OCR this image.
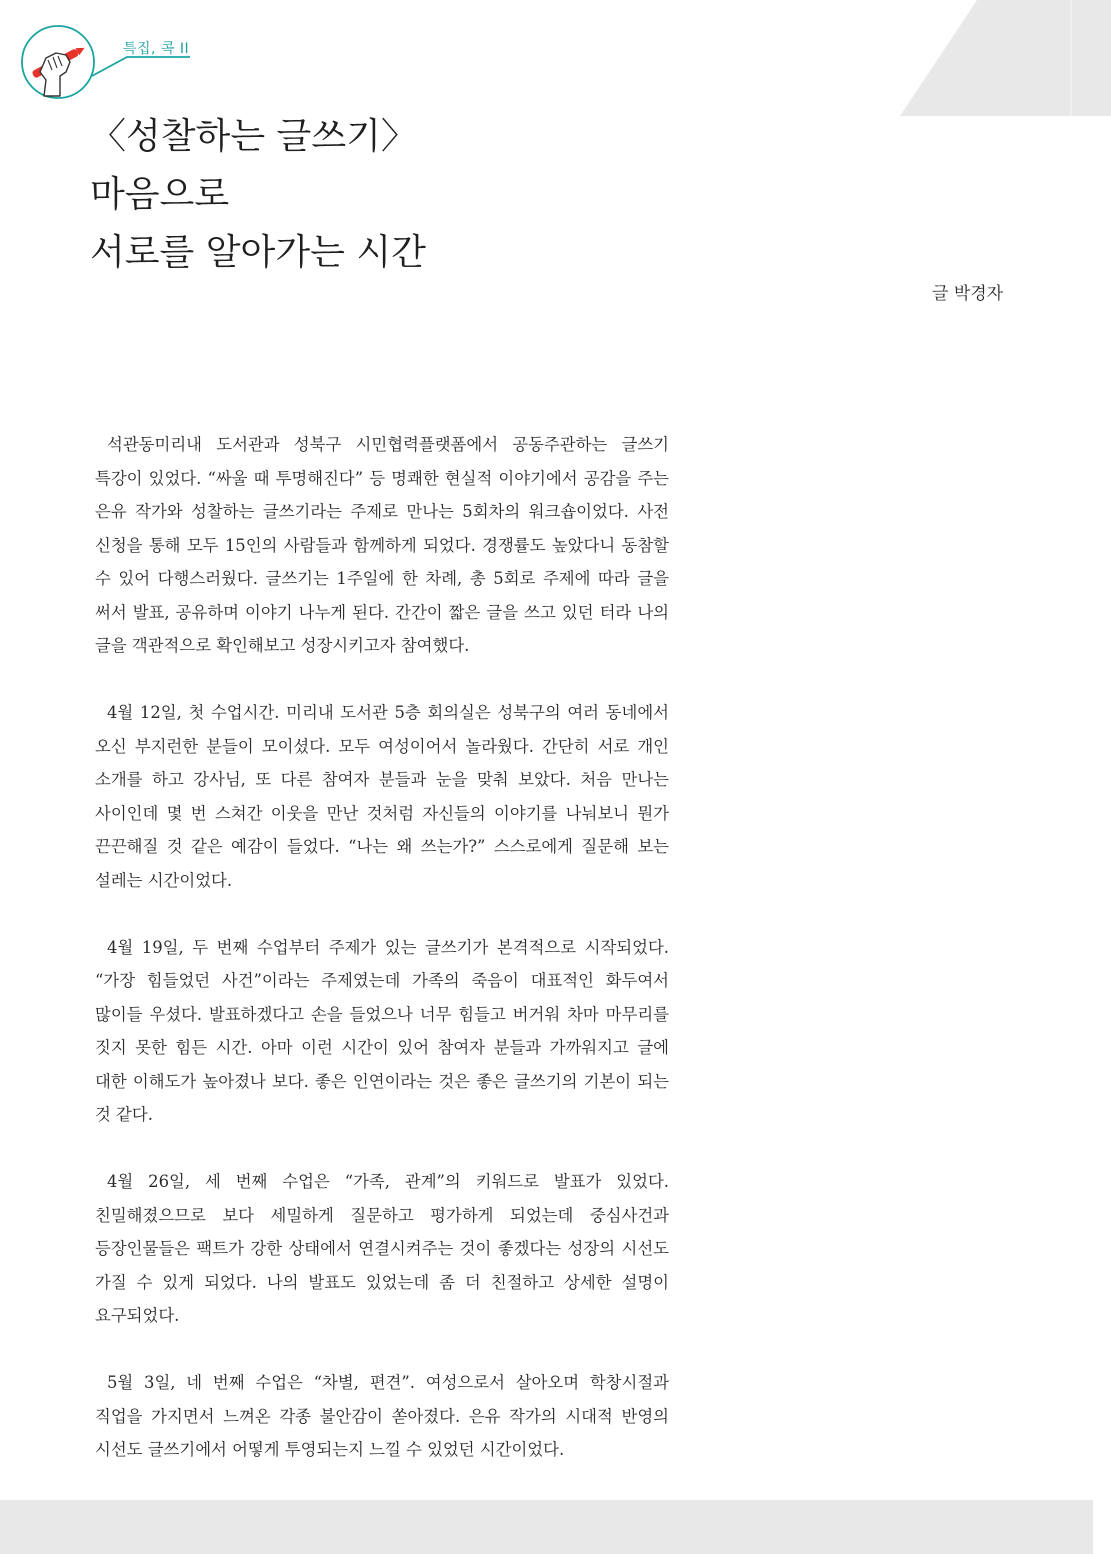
특집, 콕 II
〈성찰하는 글쓰기〉
마음으로
서로를 알아가는 시간
글 박경자

석관동미리내 도서관과 성북구 시민협력플랫폼에서 공동주관하는 글쓰기 특강이 있었다. “싸울 때 투명해진다” 등 명쾌한 현실적 이야기에서 공감을 주는 은유 작가와 성찰하는 글쓰기라는 주제로 만나는 5회차의 워크숍이었다. 사전 신청을 통해 모두 15인의 사람들과 함께하게 되었다. 경쟁률도 높았다니 동참할 수 있어 다행스러웠다. 글쓰기는 1주일에 한 차례, 총 5회로 주제에 따라 글을 써서 발표, 공유하며 이야기 나누게 된다. 간간이 짧은 글을 쓰고 있던 터라 나의 글을 객관적으로 확인해보고 성장시키고자 참여했다.

4월 12일, 첫 수업시간. 미리내 도서관 5층 회의실은 성북구의 여러 동네에서 오신 부지런한 분들이 모이셨다. 모두 여성이어서 놀라웠다. 간단히 서로 개인 소개를 하고 강사님, 또 다른 참여자 분들과 눈을 맞춰 보았다. 처음 만나는 사이인데 몇 번 스쳐간 이웃을 만난 것처럼 자신들의 이야기를 나눠보니 뭔가 끈끈해질 것 같은 예감이 들었다. “나는 왜 쓰는가?” 스스로에게 질문해 보는 설레는 시간이었다.

4월 19일, 두 번째 수업부터 주제가 있는 글쓰기가 본격적으로 시작되었다. “가장 힘들었던 사건”이라는 주제였는데 가족의 죽음이 대표적인 화두여서 많이들 우셨다. 발표하겠다고 손을 들었으나 너무 힘들고 버거워 차마 마무리를 짓지 못한 힘든 시간. 아마 이런 시간이 있어 참여자 분들과 가까워지고 글에 대한 이해도가 높아졌나 보다. 좋은 인연이라는 것은 좋은 글쓰기의 기본이 되는 것 같다.

4월 26일, 세 번째 수업은 “가족, 관계”의 키워드로 발표가 있었다. 친밀해졌으므로 보다 세밀하게 질문하고 평가하게 되었는데 중심사건과 등장인물들은 팩트가 강한 상태에서 연결시켜주는 것이 좋겠다는 성장의 시선도 가질 수 있게 되었다. 나의 발표도 있었는데 좀 더 친절하고 상세한 설명이 요구되었다.

5월 3일, 네 번째 수업은 “차별, 편견”. 여성으로서 살아오며 학창시절과 직업을 가지면서 느껴온 각종 불안감이 쏟아졌다. 은유 작가의 시대적 반영의 시선도 글쓰기에서 어떻게 투영되는지 느낄 수 있었던 시간이었다.
